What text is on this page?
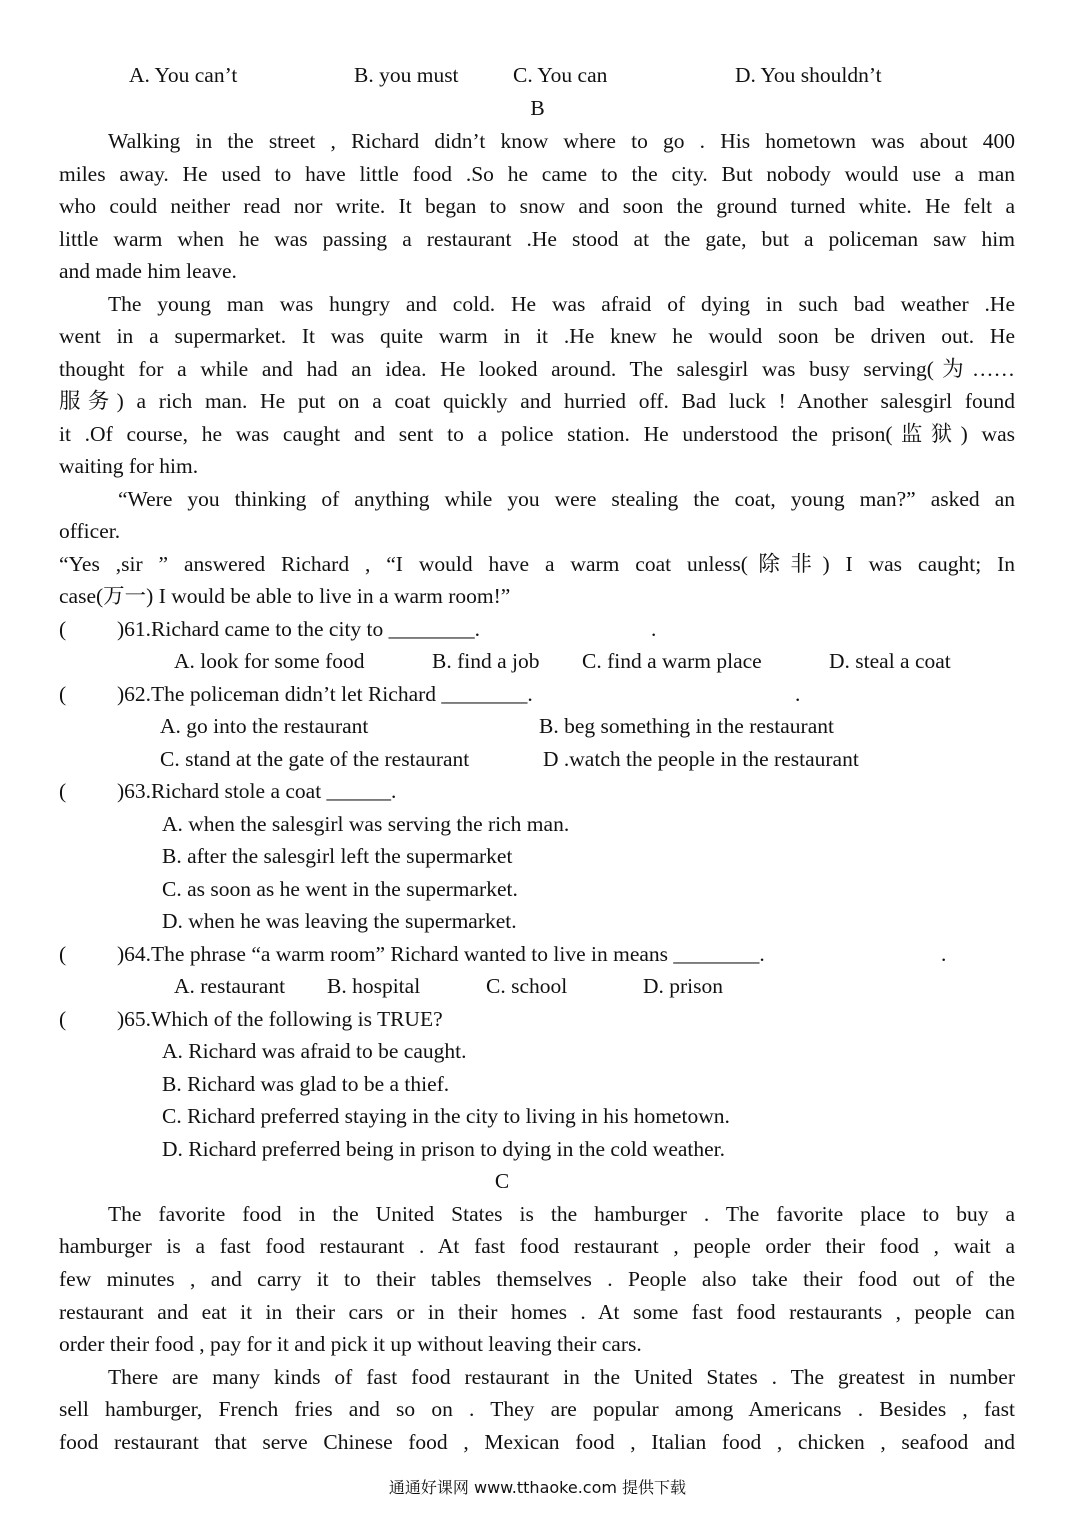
A. You can’t	B. you must	C. You can	D. You shouldn’t
B
Walking in the street , Richard didn’t know where to go . His hometown was about 400
miles away. He used to have little food .So he came to the city. But nobody would use a man
who could neither read nor write. It began to snow and soon the ground turned white. He felt a
little warm when he was passing a restaurant .He stood at the gate, but a policeman saw him
and made him leave.
The young man was hungry and cold. He was afraid of dying in such bad weather .He
went in a supermarket. It was quite warm in it .He knew he would soon be driven out. He
thought for a while and had an idea. He looked around. The salesgirl was busy serving(为……
服务) a rich man. He put on a coat quickly and hurried off. Bad luck ! Another salesgirl found
it .Of course, he was caught and sent to a police station. He understood the prison(监狱) was
waiting for him.
“Were you thinking of anything while you were stealing the coat, young man?” asked an
officer.
“Yes ,sir ” answered Richard , “I would have a warm coat unless(除非) I was caught; In
case(万一) I would be able to live in a warm room!”
( )61.Richard came to the city to ________.	.
A. look for some food	B. find a job C. find a warm place	D. steal a coat
( )62.The policeman didn’t let Richard ________.	.
A. go into the restaurant	B. beg something in the restaurant
C. stand at the gate of the restaurant	D .watch the people in the restaurant
( )63.Richard stole a coat ______.
A. when the salesgirl was serving the rich man.
B. after the salesgirl left the supermarket
C. as soon as he went in the supermarket.
D. when he was leaving the supermarket.
( )64.The phrase “a warm room” Richard wanted to live in means ________.	.
A. restaurant B. hospital	C. school	D. prison
( )65.Which of the following is TRUE?
A. Richard was afraid to be caught.
B. Richard was glad to be a thief.
C. Richard preferred staying in the city to living in his hometown.
D. Richard preferred being in prison to dying in the cold weather.
C
The favorite food in the United States is the hamburger . The favorite place to buy a
hamburger is a fast food restaurant . At fast food restaurant , people order their food , wait a
few minutes , and carry it to their tables themselves . People also take their food out of the
restaurant and eat it in their cars or in their homes . At some fast food restaurants , people can
order their food , pay for it and pick it up without leaving their cars.
There are many kinds of fast food restaurant in the United States . The greatest in number
sell hamburger, French fries and so on . They are popular among Americans . Besides , fast
food restaurant that serve Chinese food , Mexican food , Italian food , chicken , seafood and
通通好课网 www.tthaoke.com 提供下载
